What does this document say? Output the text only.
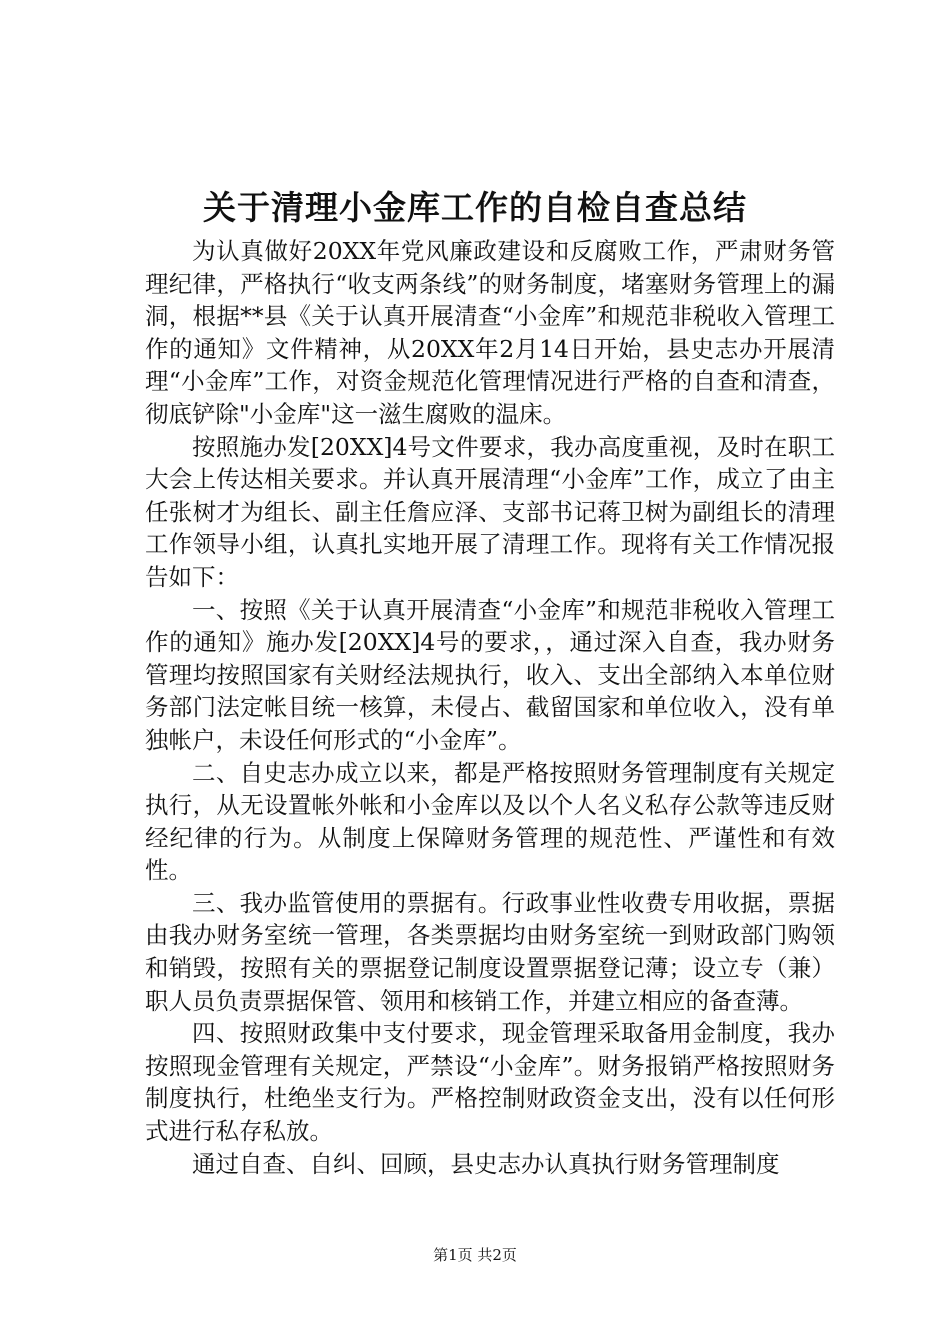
关于清理小金库工作的自检自查总结

为认真做好20XX年党风廉政建设和反腐败工作，严肃财务管理纪律，严格执行“收支两条线”的财务制度，堵塞财务管理上的漏洞，根据**县《关于认真开展清查“小金库”和规范非税收入管理工作的通知》文件精神，从20XX年2月14日开始，县史志办开展清理“小金库”工作，对资金规范化管理情况进行严格的自查和清查，彻底铲除"小金库"这一滋生腐败的温床。

按照施办发[20XX]4号文件要求，我办高度重视，及时在职工大会上传达相关要求。并认真开展清理“小金库”工作，成立了由主任张树才为组长、副主任詹应泽、支部书记蒋卫树为副组长的清理工作领导小组，认真扎实地开展了清理工作。现将有关工作情况报告如下：

一、按照《关于认真开展清查“小金库”和规范非税收入管理工作的通知》施办发[20XX]4号的要求，，通过深入自查，我办财务管理均按照国家有关财经法规执行，收入、支出全部纳入本单位财务部门法定帐目统一核算，未侵占、截留国家和单位收入，没有单独帐户，未设任何形式的“小金库”。

二、自史志办成立以来，都是严格按照财务管理制度有关规定执行，从无设置帐外帐和小金库以及以个人名义私存公款等违反财经纪律的行为。从制度上保障财务管理的规范性、严谨性和有效性。

三、我办监管使用的票据有。行政事业性收费专用收据，票据由我办财务室统一管理，各类票据均由财务室统一到财政部门购领和销毁，按照有关的票据登记制度设置票据登记薄；设立专（兼）职人员负责票据保管、领用和核销工作，并建立相应的备查薄。

四、按照财政集中支付要求，现金管理采取备用金制度，我办按照现金管理有关规定，严禁设“小金库”。财务报销严格按照财务制度执行，杜绝坐支行为。严格控制财政资金支出，没有以任何形式进行私存私放。

通过自查、自纠、回顾，县史志办认真执行财务管理制度

第1页 共2页
